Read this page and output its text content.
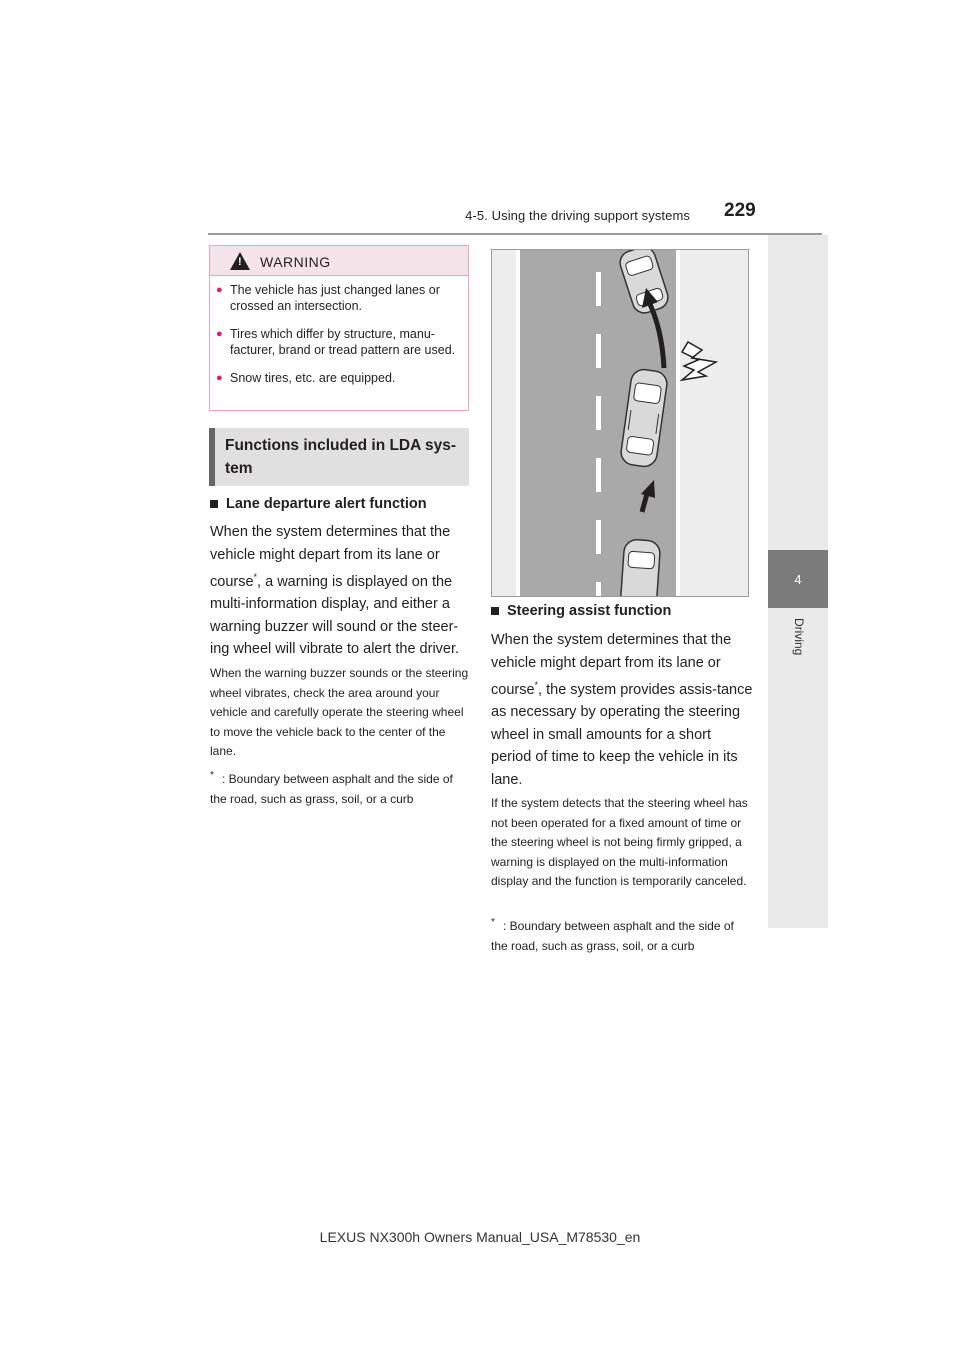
4-5. Using the driving support systems 229
4
Driving
!
WARNING
● The vehicle has just changed lanes or crossed an intersection.
● Tires which differ by structure, manu-facturer, brand or tread pattern are used.
● Snow tires, etc. are equipped.
Functions included in LDA sys-tem
Lane departure alert function
When the system determines that the vehicle might depart from its lane or course*, a warning is displayed on the multi-information display, and either a warning buzzer will sound or the steer-ing wheel will vibrate to alert the driver.
When the warning buzzer sounds or the steering wheel vibrates, check the area around your vehicle and carefully operate the steering wheel to move the vehicle back to the center of the lane.
* : Boundary between asphalt and the side of the road, such as grass, soil, or a curb
Steering assist function
When the system determines that the vehicle might depart from its lane or course*, the system provides assis-tance as necessary by operating the steering wheel in small amounts for a short period of time to keep the vehicle in its lane.
If the system detects that the steering wheel has not been operated for a fixed amount of time or the steering wheel is not being firmly gripped, a warning is displayed on the multi-information display and the function is temporarily canceled.
* : Boundary between asphalt and the side of the road, such as grass, soil, or a curb
LEXUS NX300h Owners Manual_USA_M78530_en
